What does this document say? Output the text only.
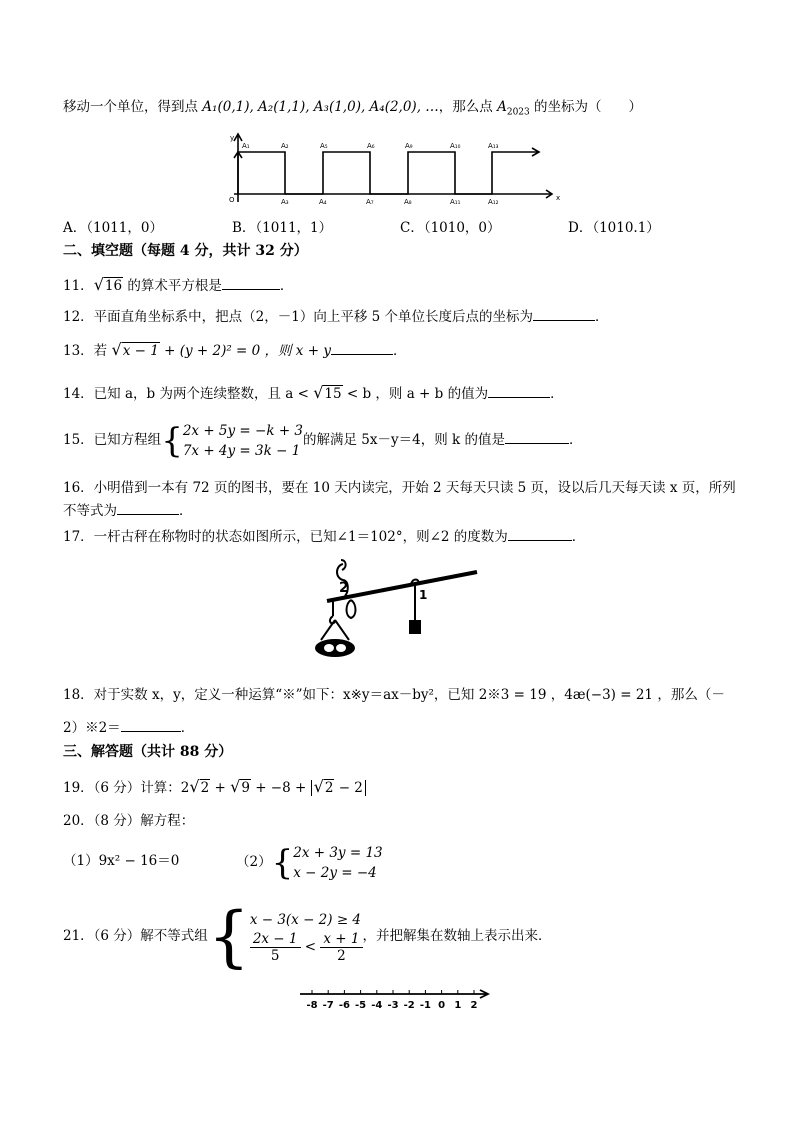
移动一个单位，得到点 A₁(0,1), A₂(1,1), A₃(1,0), A₄(2,0), …，那么点 $A_{2023}$ 的坐标为（　　）
y
x
O
A₁	A₂	A₅	A₆	A₉	A₁₀	A₁₃
A₃	A₄	A₇	A₈	A₁₁	A₁₂
A．（1011，0）	B．（1011，1）	C．（1010，0）	D．（1010.1）
二、填空题（每题 4 分，共计 32 分）
11．√16 的算术平方根是	．
12．平面直角坐标系中，把点（2，－1）向上平移 5 个单位长度后点的坐标为	．
13．若 √x − 1 + (y + 2)² = 0 ，则 x + y	．
14．已知 a，b 为两个连续整数，且 a < √15 < b ，则 a + b 的值为	．
15．已知方程组{2x + 5y = −k + 3
7x + 4y = 3k − 1的解满足 5x－y＝4，则 k 的值是	．
16．小明借到一本有 72 页的图书，要在 10 天内读完，开始 2 天每天只读 5 页，设以后几天每天读 x 页，所列
不等式为	．
17．一杆古秤在称物时的状态如图所示，已知∠1＝102°，则∠2 的度数为	．
2	1
18．对于实数 x，y，定义一种运算“※”如下：x※y＝ax－by²，已知 2※3 = 19 ，4æ(−3) = 21 ，那么（－
2）※2＝	．
三、解答题（共计 88 分）
19．（6 分）计算：2√2 + √9 + −8 + √2 − 2
20．（8 分）解方程：
（1）9x² − 16＝0	（2）{2x + 3y = 13
x − 2y = −4
21．（6 分）解不等式组{x − 3(x − 2) ≥ 4

$\frac{2x - 1}{5} < \frac{x + 1}{2}$ ，并把解集在数轴上表示出来．
-8 -7 -6 -5 -4 -3 -2 -1 0 1 2
